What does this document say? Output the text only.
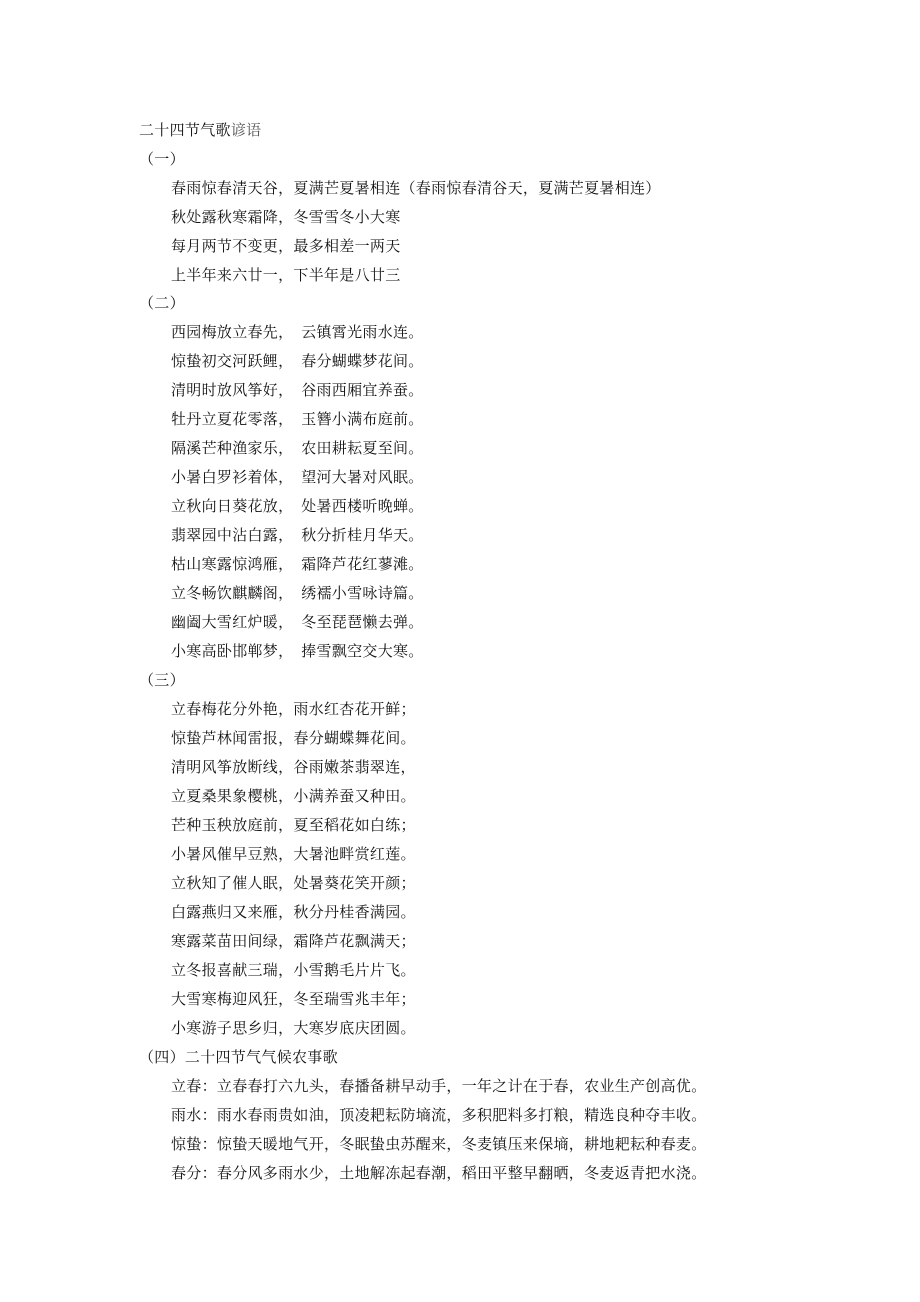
二十四节气歌谚语
（一）
春雨惊春清天谷，夏满芒夏暑相连（春雨惊春清谷天，夏满芒夏暑相连）
秋处露秋寒霜降，冬雪雪冬小大寒
每月两节不变更，最多相差一两天
上半年来六廿一，下半年是八廿三
（二）
西园梅放立春先，　云镇霄光雨水连。
惊蛰初交河跃鲤，　春分蝴蝶梦花间。
清明时放风筝好，　谷雨西厢宜养蚕。
牡丹立夏花零落，　玉簪小满布庭前。
隔溪芒种渔家乐，　农田耕耘夏至间。
小暑白罗衫着体，　望河大暑对风眠。
立秋向日葵花放，　处暑西楼听晚蝉。
翡翠园中沾白露，　秋分折桂月华天。
枯山寒露惊鸿雁，　霜降芦花红蓼滩。
立冬畅饮麒麟阁，　绣襦小雪咏诗篇。
幽阖大雪红炉暖，　冬至琵琶懒去弹。
小寒高卧邯郸梦，　捧雪飘空交大寒。
（三）
立春梅花分外艳，雨水红杏花开鲜；
惊蛰芦林闻雷报，春分蝴蝶舞花间。
清明风筝放断线，谷雨嫩茶翡翠连，
立夏桑果象樱桃，小满养蚕又种田。
芒种玉秧放庭前，夏至稻花如白练；
小暑风催早豆熟，大暑池畔赏红莲。
立秋知了催人眠，处暑葵花笑开颜；
白露燕归又来雁，秋分丹桂香满园。
寒露菜苗田间绿，霜降芦花飘满天；
立冬报喜献三瑞，小雪鹅毛片片飞。
大雪寒梅迎风狂，冬至瑞雪兆丰年；
小寒游子思乡归，大寒岁底庆团圆。
（四）二十四节气气候农事歌
立春：立春春打六九头，春播备耕早动手，一年之计在于春，农业生产创高优。
雨水：雨水春雨贵如油，顶凌耙耘防墒流，多积肥料多打粮，精选良种夺丰收。
惊蛰：惊蛰天暖地气开，冬眠蛰虫苏醒来，冬麦镇压来保墒，耕地耙耘种春麦。
春分：春分风多雨水少，土地解冻起春潮，稻田平整早翻晒，冬麦返青把水浇。
